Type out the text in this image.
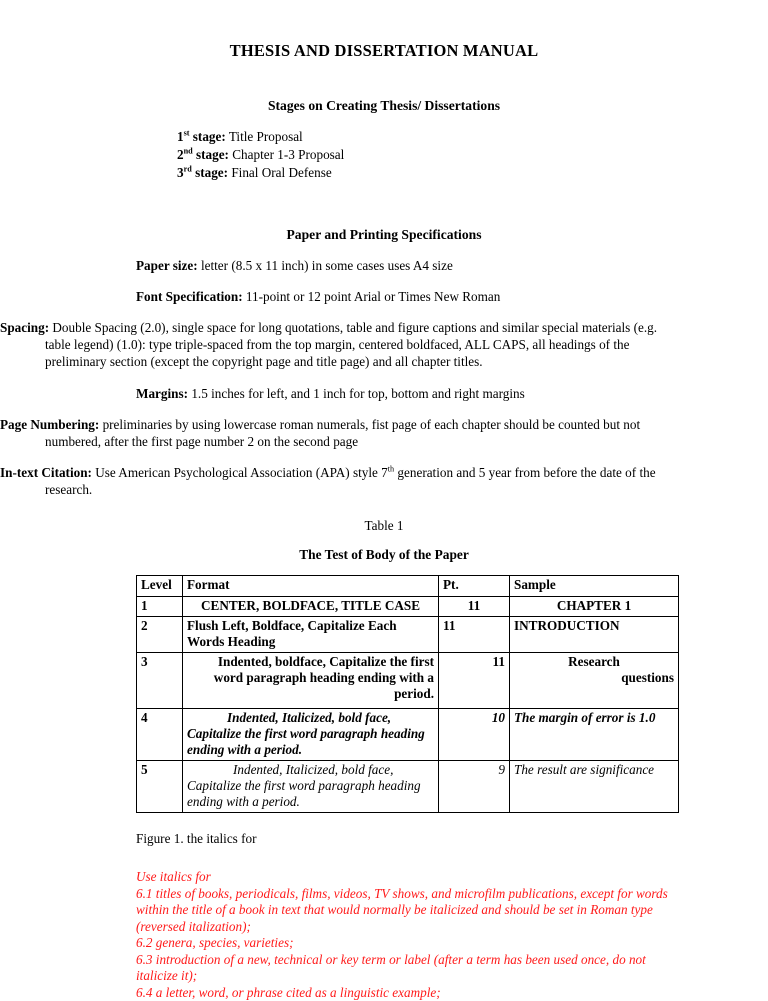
THESIS AND DISSERTATION MANUAL
Stages on Creating Thesis/ Dissertations
1st stage: Title Proposal
2nd stage: Chapter 1-3 Proposal
3rd stage: Final Oral Defense
Paper and Printing Specifications

Paper size: letter (8.5 x 11 inch) in some cases uses A4 size

Font Specification: 11-point or 12 point Arial or Times New Roman

Spacing: Double Spacing (2.0), single space for long quotations, table and figure captions and similar special materials (e.g. table legend) (1.0): type triple-spaced from the top margin, centered boldfaced, ALL CAPS, all headings of the preliminary section (except the copyright page and title page) and all chapter titles.

Margins: 1.5 inches for left, and 1 inch for top, bottom and right margins

Page Numbering: preliminaries by using lowercase roman numerals, fist page of each chapter should be counted but not numbered, after the first page number 2 on the second page

In-text Citation: Use American Psychological Association (APA) style 7th generation and 5 year from before the date of the research.

Table 1

The Test of Body of the Paper

Level	Format	Pt.	Sample
1	CENTER, BOLDFACE, TITLE CASE	11	CHAPTER 1
2	Flush Left, Boldface, Capitalize Each Words Heading	11	INTRODUCTION
3	Indented, boldface, Capitalize the first word paragraph heading ending with a period.	11	Research
questions

4	Indented, Italicized, bold face, Capitalize the first word paragraph heading ending with a period.	10	The margin of error is 1.0
5	Indented, Italicized, bold face, Capitalize the first word paragraph heading ending with a period.	9	The result are significance

Figure 1. the italics for

Use italics for

6.1 titles of books, periodicals, films, videos, TV shows, and microfilm publications, except for words within the title of a book in text that would normally be italicized and should be set in Roman type (reversed italization);

6.2 genera, species, varieties;

6.3 introduction of a new, technical or key term or label (after a term has been used once, do not italicize it);

6.4 a letter, word, or phrase cited as a linguistic example;
